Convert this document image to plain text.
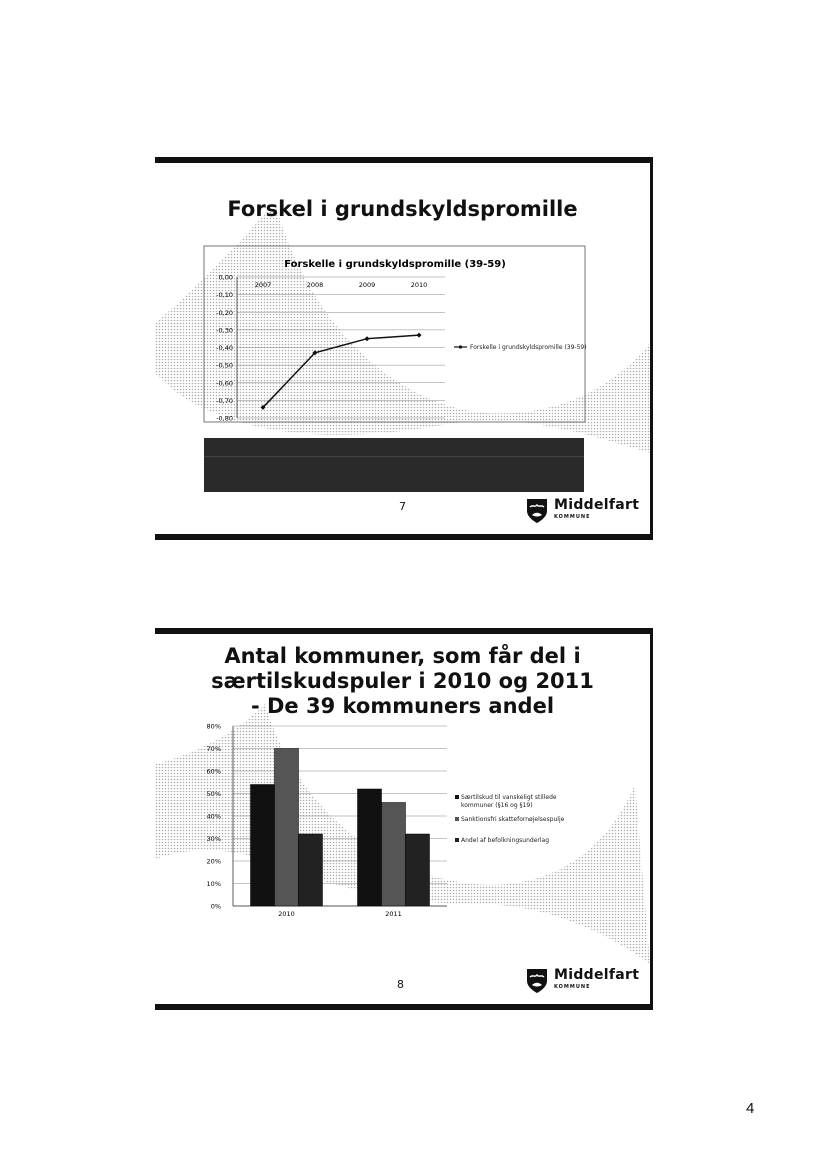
Forskel i grundskyldspromille
Forskelle i grundskyldspromille (39-59)
0,00
-0,10
-0,20
-0,30
-0,40
-0,50
-0,60
-0,70
-0,80
2007	2008	2009	2010
Forskelle i grundskyldspromille (39-59)
7	Middelfart
KOMMUNE
Antal kommuner, som får del i
særtilskudspuler i 2010 og 2011
- De 39 kommuners andel
0%
10%
20%
30%
40%
50%
60%
70%
80%
2010	2011
Særtilskud til vanskeligt stillede kommuner (§16 og §19)
Sanktionsfri skattefornøjelsespulje
Andel af befolkningsunderlag
8
Middelfart
KOMMUNE
4
